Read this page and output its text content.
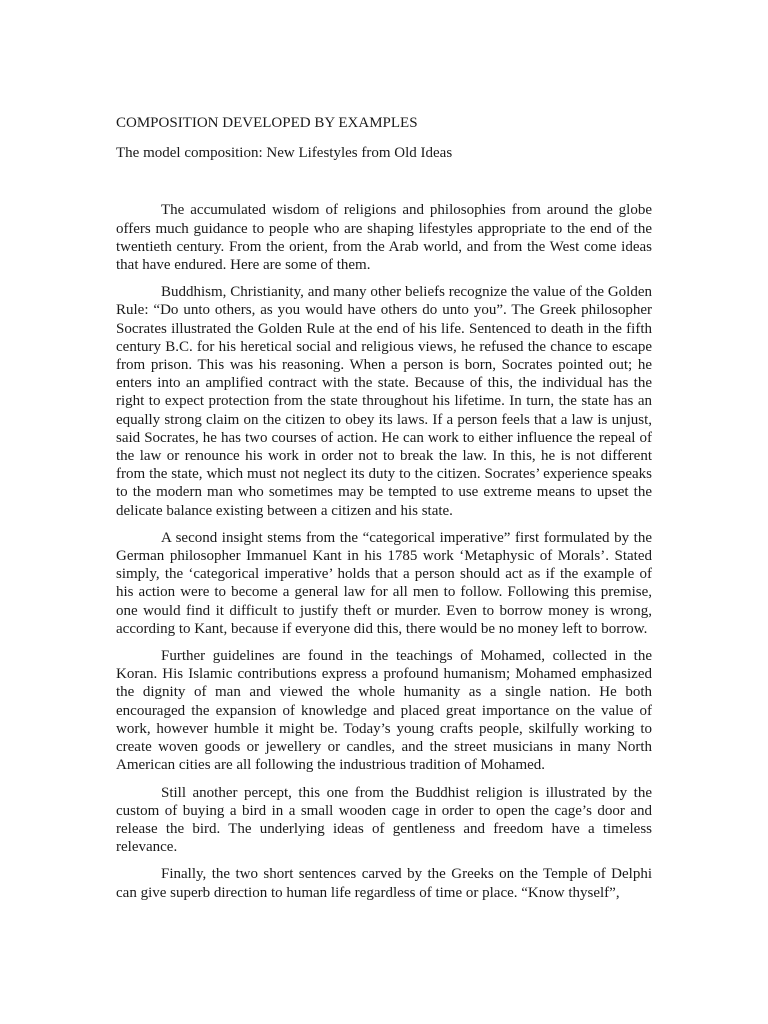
COMPOSITION DEVELOPED BY EXAMPLES
The model composition: New Lifestyles from Old Ideas

The accumulated wisdom of religions and philosophies from around the globe offers much guidance to people who are shaping lifestyles appropriate to the end of the twentieth century. From the orient, from the Arab world, and from the West come ideas that have endured. Here are some of them.

Buddhism, Christianity, and many other beliefs recognize the value of the Golden Rule: “Do unto others, as you would have others do unto you”. The Greek philosopher Socrates illustrated the Golden Rule at the end of his life. Sentenced to death in the fifth century B.C. for his heretical social and religious views, he refused the chance to escape from prison. This was his reasoning. When a person is born, Socrates pointed out; he enters into an amplified contract with the state. Because of this, the individual has the right to expect protection from the state throughout his lifetime. In turn, the state has an equally strong claim on the citizen to obey its laws. If a person feels that a law is unjust, said Socrates, he has two courses of action. He can work to either influence the repeal of the law or renounce his work in order not to break the law. In this, he is not different from the state, which must not neglect its duty to the citizen. Socrates’ experience speaks to the modern man who sometimes may be tempted to use extreme means to upset the delicate balance existing between a citizen and his state.

A second insight stems from the “categorical imperative” first formulated by the German philosopher Immanuel Kant in his 1785 work ‘Metaphysic of Morals’. Stated simply, the ‘categorical imperative’ holds that a person should act as if the example of his action were to become a general law for all men to follow. Following this premise, one would find it difficult to justify theft or murder. Even to borrow money is wrong, according to Kant, because if everyone did this, there would be no money left to borrow.

Further guidelines are found in the teachings of Mohamed, collected in the Koran. His Islamic contributions express a profound humanism; Mohamed emphasized the dignity of man and viewed the whole humanity as a single nation. He both encouraged the expansion of knowledge and placed great importance on the value of work, however humble it might be. Today’s young crafts people, skilfully working to create woven goods or jewellery or candles, and the street musicians in many North American cities are all following the industrious tradition of Mohamed.

Still another percept, this one from the Buddhist religion is illustrated by the custom of buying a bird in a small wooden cage in order to open the cage’s door and release the bird. The underlying ideas of gentleness and freedom have a timeless relevance.

Finally, the two short sentences carved by the Greeks on the Temple of Delphi can give superb direction to human life regardless of time or place. “Know thyself”,
